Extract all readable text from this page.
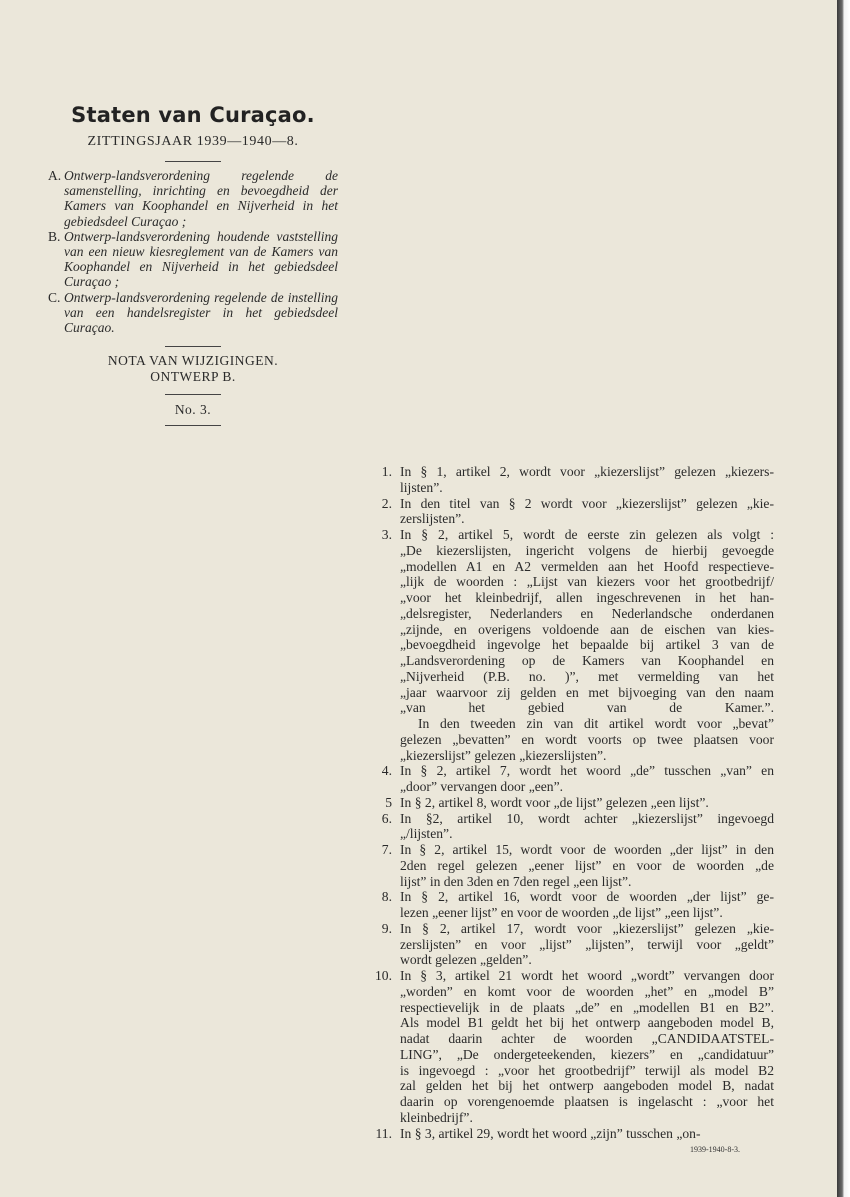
Staten van Curaçao.
ZITTINGSJAAR 1939—1940—8.
A. Ontwerp-landsverordening regelende de samenstelling, inrichting en bevoegdheid der Kamers van Koophandel en Nijverheid in het gebiedsdeel Curaçao ;
B. Ontwerp-landsverordening houdende vaststelling van een nieuw kiesreglement van de Kamers van Koophandel en Nijverheid in het gebiedsdeel Curaçao ;
C. Ontwerp-landsverordening regelende de instelling van een handelsregister in het gebiedsdeel Curaçao.
NOTA VAN WIJZIGINGEN.
ONTWERP B.
No. 3.
1. In § 1, artikel 2, wordt voor „kiezerslijst” gelezen „kiezers-
lijsten”.
2. In den titel van § 2 wordt voor „kiezerslijst” gelezen „kie-
zerslijsten”.
3. In § 2, artikel 5, wordt de eerste zin gelezen als volgt :
„De kiezerslijsten, ingericht volgens de hierbij gevoegde
„modellen A1 en A2 vermelden aan het Hoofd respectieve-
„lijk de woorden : „Lijst van kiezers voor het grootbedrijf/
„voor het kleinbedrijf, allen ingeschrevenen in het han-
„delsregister, Nederlanders en Nederlandsche onderdanen
„zijnde, en overigens voldoende aan de eischen van kies-
„bevoegdheid ingevolge het bepaalde bij artikel 3 van de
„Landsverordening op de Kamers van Koophandel en
„Nijverheid (P.B. no. )”, met vermelding van het
„jaar waarvoor zij gelden en met bijvoeging van den naam
„van het gebied van de Kamer.”.
In den tweeden zin van dit artikel wordt voor „bevat”
gelezen „bevatten” en wordt voorts op twee plaatsen voor
„kiezerslijst” gelezen „kiezerslijsten”.
4. In § 2, artikel 7, wordt het woord „de” tusschen „van” en
„door” vervangen door „een”.
5 In § 2, artikel 8, wordt voor „de lijst” gelezen „een lijst”.
6. In §2, artikel 10, wordt achter „kiezerslijst” ingevoegd
„/lijsten”.
7. In § 2, artikel 15, wordt voor de woorden „der lijst” in den
2den regel gelezen „eener lijst” en voor de woorden „de
lijst” in den 3den en 7den regel „een lijst”.
8. In § 2, artikel 16, wordt voor de woorden „der lijst” ge-
lezen „eener lijst” en voor de woorden „de lijst” „een lijst”.
9. In § 2, artikel 17, wordt voor „kiezerslijst” gelezen „kie-
zerslijsten” en voor „lijst” „lijsten”, terwijl voor „geldt”
wordt gelezen „gelden”.
10. In § 3, artikel 21 wordt het woord „wordt” vervangen door
„worden” en komt voor de woorden „het” en „model B”
respectievelijk in de plaats „de” en „modellen B1 en B2”.
Als model B1 geldt het bij het ontwerp aangeboden model B,
nadat daarin achter de woorden „CANDIDAATSTEL-
LING”, „De ondergeteekenden, kiezers” en „candidatuur”
is ingevoegd : „voor het grootbedrijf” terwijl als model B2
zal gelden het bij het ontwerp aangeboden model B, nadat
daarin op vorengenoemde plaatsen is ingelascht : „voor het
kleinbedrijf”.
11. In § 3, artikel 29, wordt het woord „zijn” tusschen „on-
1939-1940-8-3.
